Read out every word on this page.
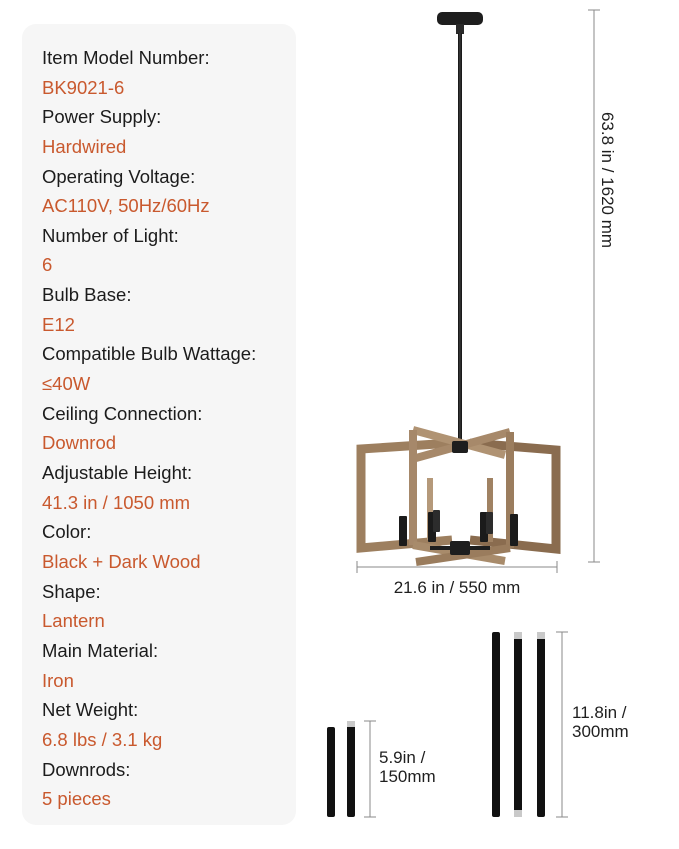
Item Model Number:
BK9021-6
Power Supply:
Hardwired
Operating Voltage:
AC110V, 50Hz/60Hz
Number of Light:
6
Bulb Base:
E12
Compatible Bulb Wattage:
≤40W
Ceiling Connection:
Downrod
Adjustable Height:
41.3 in / 1050 mm
Color:
Black + Dark Wood
Shape:
Lantern
Main Material:
Iron
Net Weight:
6.8 lbs / 3.1 kg
Downrods:
5 pieces
63.8 in / 1620 mm
21.6 in / 550 mm
11.8in /
300mm
5.9in /
150mm
